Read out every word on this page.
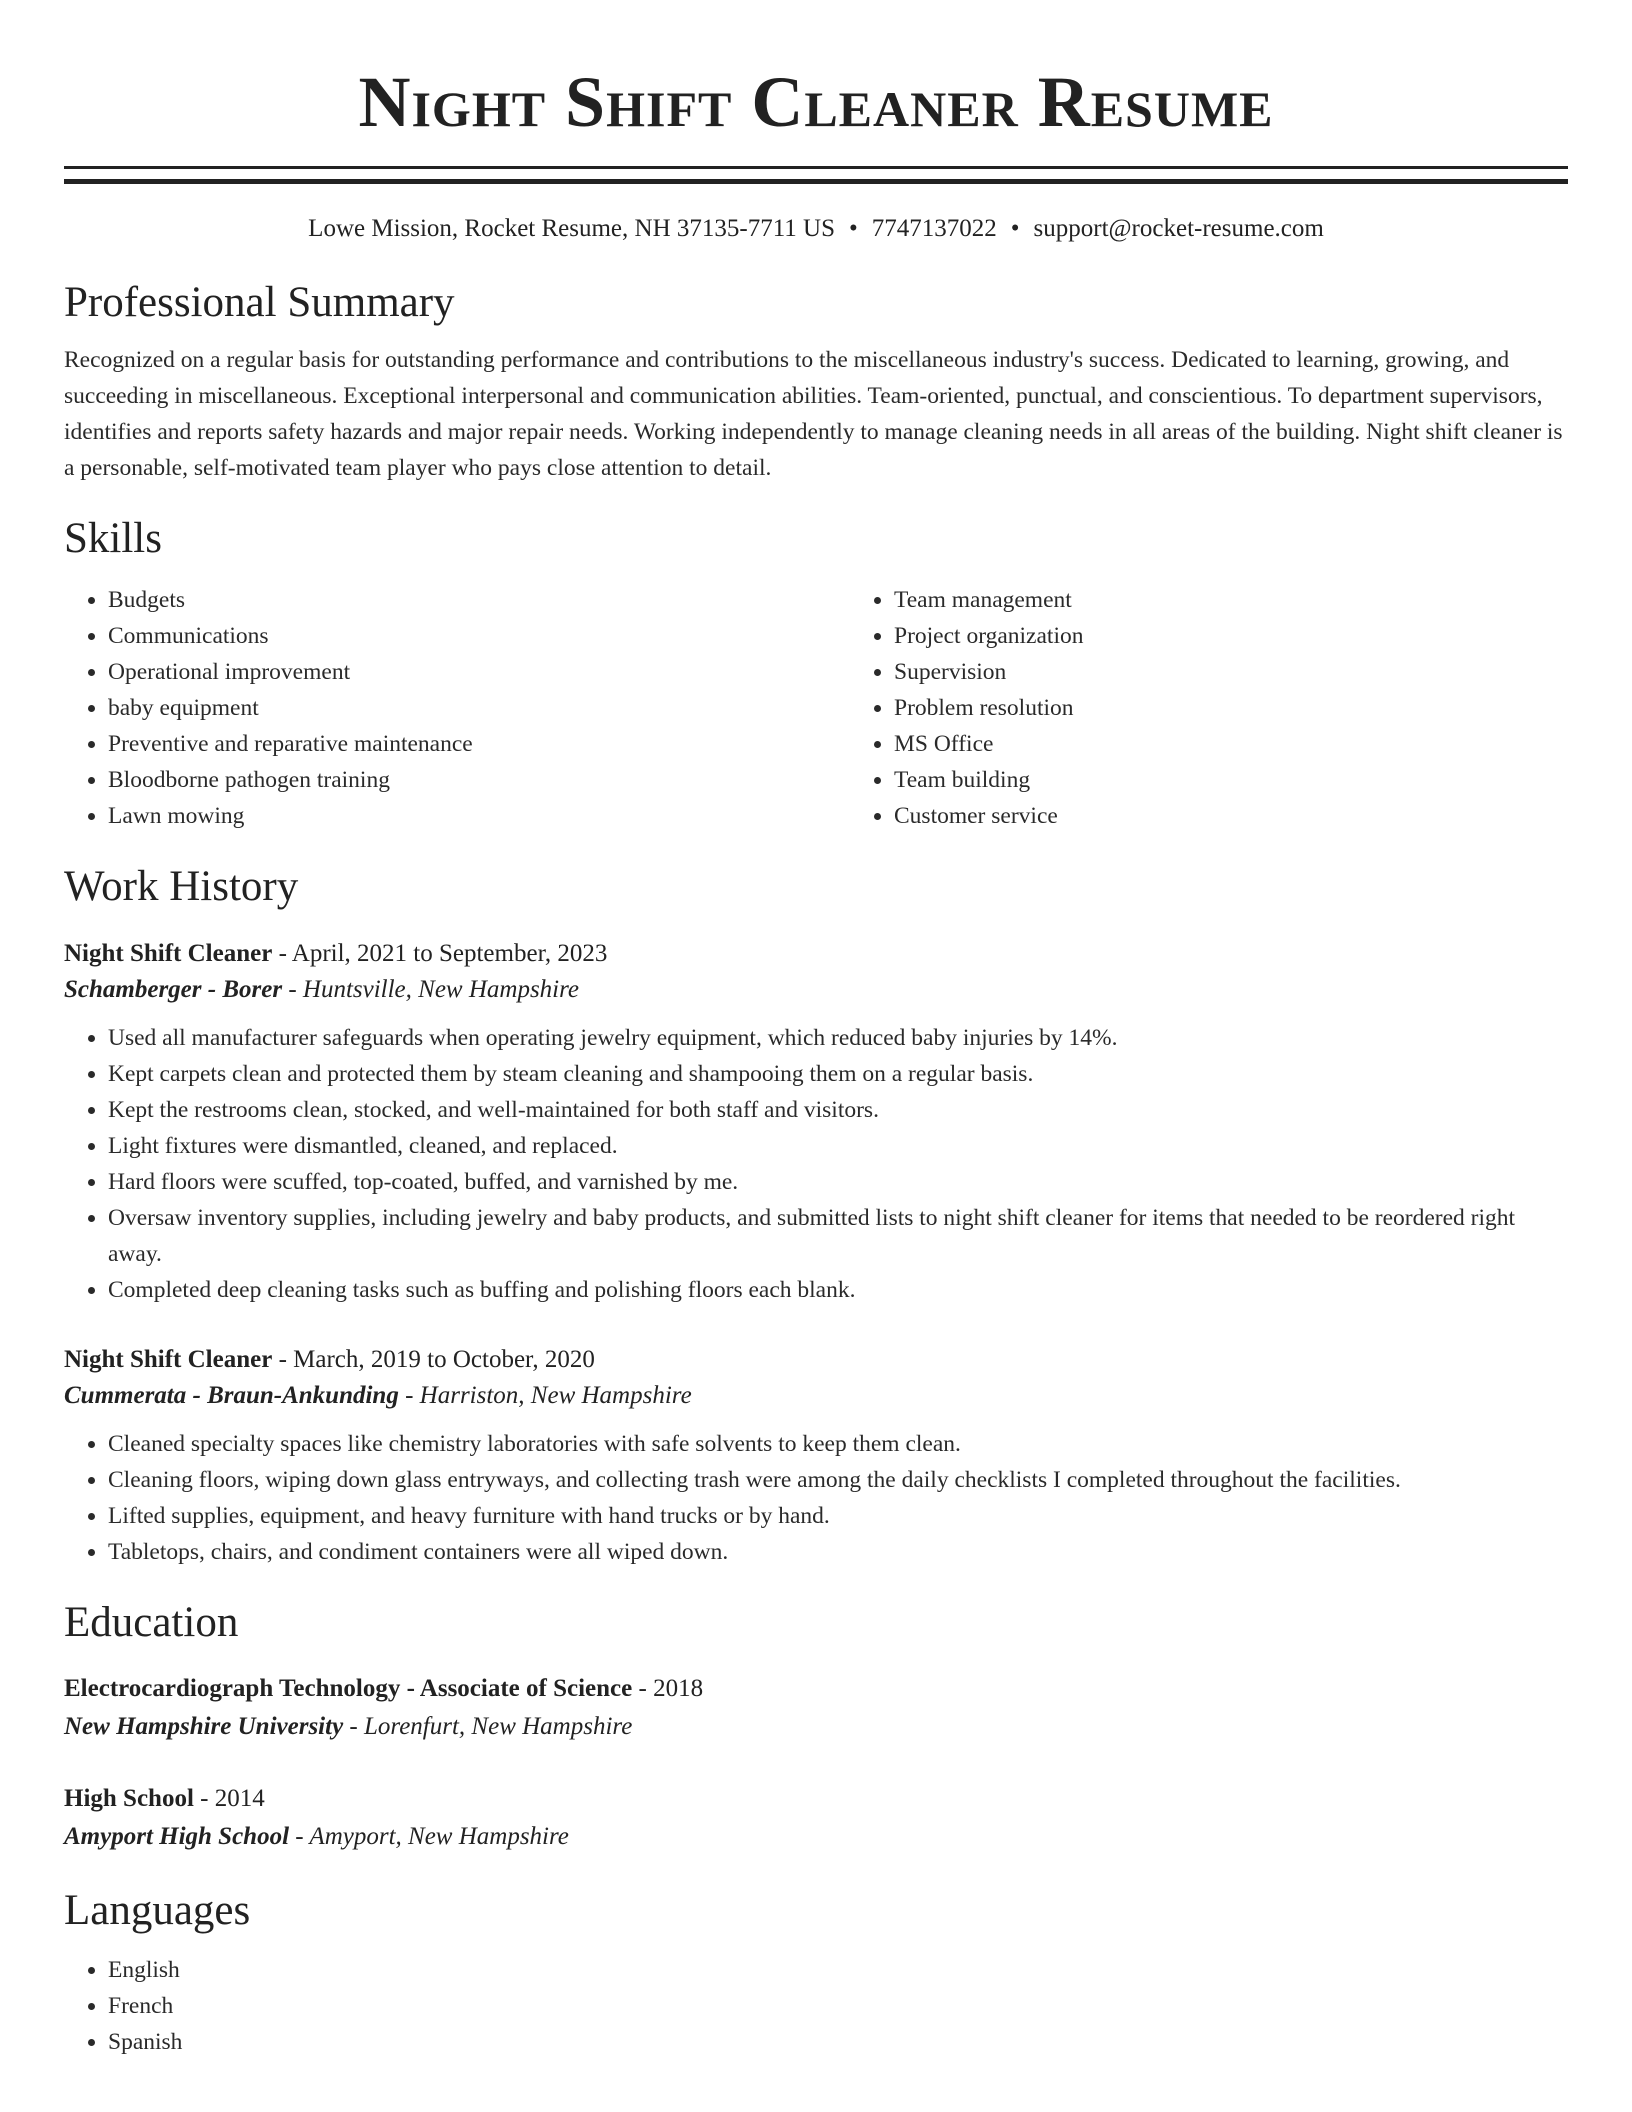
Night Shift Cleaner Resume
Lowe Mission, Rocket Resume, NH 37135-7711 US • 7747137022 • support@rocket-resume.com
Professional Summary

Recognized on a regular basis for outstanding performance and contributions to the miscellaneous industry's success. Dedicated to learning, growing, and succeeding in miscellaneous. Exceptional interpersonal and communication abilities. Team-oriented, punctual, and conscientious. To department supervisors, identifies and reports safety hazards and major repair needs. Working independently to manage cleaning needs in all areas of the building. Night shift cleaner is a personable, self-motivated team player who pays close attention to detail.

Skills
• Budgets
• Communications
• Operational improvement
• baby equipment
• Preventive and reparative maintenance
• Bloodborne pathogen training
• Lawn mowing
• Team management
• Project organization
• Supervision
• Problem resolution
• MS Office
• Team building
• Customer service
Work History
Night Shift Cleaner - April, 2021 to September, 2023
Schamberger - Borer - Huntsville, New Hampshire
• Used all manufacturer safeguards when operating jewelry equipment, which reduced baby injuries by 14%.
• Kept carpets clean and protected them by steam cleaning and shampooing them on a regular basis.
• Kept the restrooms clean, stocked, and well-maintained for both staff and visitors.
• Light fixtures were dismantled, cleaned, and replaced.
• Hard floors were scuffed, top-coated, buffed, and varnished by me.
• Oversaw inventory supplies, including jewelry and baby products, and submitted lists to night shift cleaner for items that needed to be reordered right away.
• Completed deep cleaning tasks such as buffing and polishing floors each blank.
Night Shift Cleaner - March, 2019 to October, 2020
Cummerata - Braun-Ankunding - Harriston, New Hampshire
• Cleaned specialty spaces like chemistry laboratories with safe solvents to keep them clean.
• Cleaning floors, wiping down glass entryways, and collecting trash were among the daily checklists I completed throughout the facilities.
• Lifted supplies, equipment, and heavy furniture with hand trucks or by hand.
• Tabletops, chairs, and condiment containers were all wiped down.
Education
Electrocardiograph Technology - Associate of Science - 2018
New Hampshire University - Lorenfurt, New Hampshire
High School - 2014
Amyport High School - Amyport, New Hampshire
Languages
• English
• French
• Spanish
